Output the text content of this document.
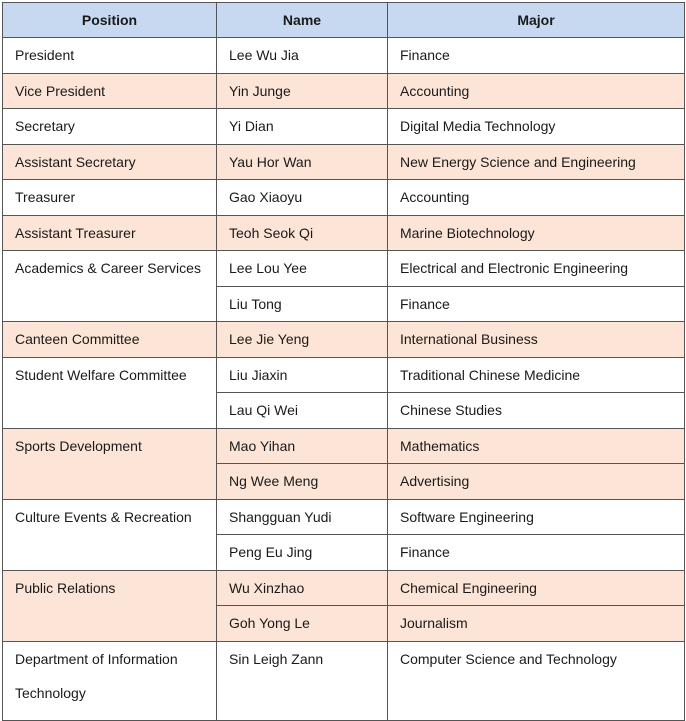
Position	Name	Major
President	Lee Wu Jia	Finance
Vice President	Yin Junge	Accounting
Secretary	Yi Dian	Digital Media Technology
Assistant Secretary	Yau Hor Wan	New Energy Science and Engineering
Treasurer	Gao Xiaoyu	Accounting
Assistant Treasurer	Teoh Seok Qi	Marine Biotechnology
Academics & Career Services	Lee Lou Yee	Electrical and Electronic Engineering
	Liu Tong	Finance
Canteen Committee	Lee Jie Yeng	International Business
Student Welfare Committee	Liu Jiaxin	Traditional Chinese Medicine
	Lau Qi Wei	Chinese Studies
Sports Development	Mao Yihan	Mathematics
	Ng Wee Meng	Advertising
Culture Events & Recreation	Shangguan Yudi	Software Engineering
	Peng Eu Jing	Finance
Public Relations	Wu Xinzhao	Chemical Engineering
	Goh Yong Le	Journalism
Department of Information Technology	Sin Leigh Zann	Computer Science and Technology
